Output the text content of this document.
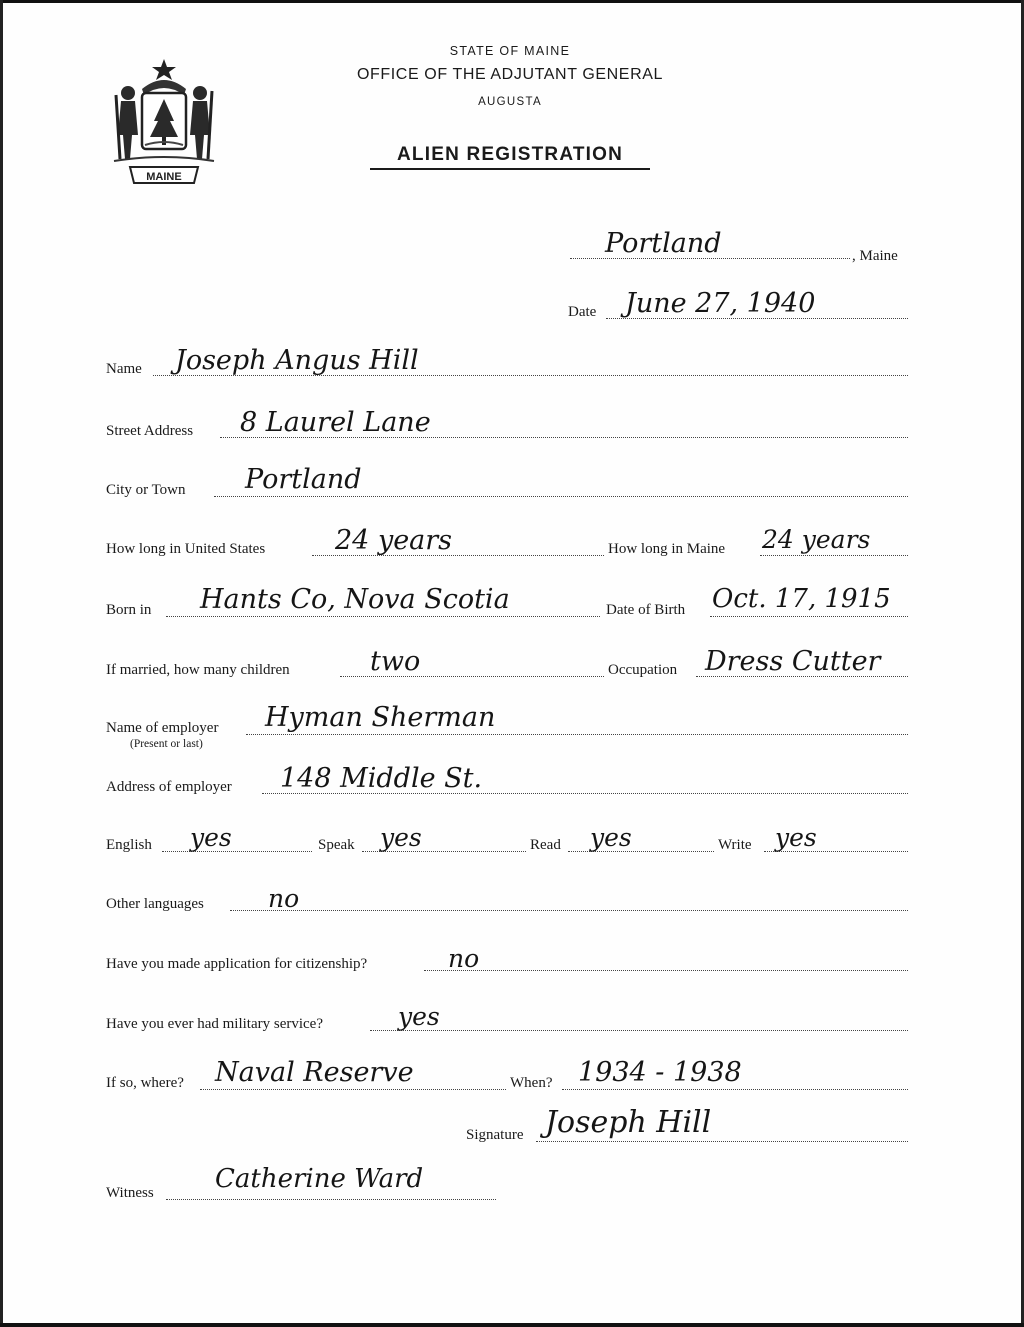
MAINE
STATE OF MAINE
OFFICE OF THE ADJUTANT GENERAL
AUGUSTA
ALIEN REGISTRATION
Portland	, Maine
Date June 27, 1940
Name Joseph Angus Hill
Street Address 8 Laurel Lane
City or Town Portland
How long in United States	24 years	How long in Maine 24 years
Born in Hants Co, Nova Scotia	Date of Birth Oct. 17, 1915
If married, how many children	two	Occupation Dress Cutter
Name of employer
(Present or last)
Hyman Sherman
Address of employer 148 Middle St.
English yes	Speak yes	Read yes	Write yes
Other languages	no
Have you made application for citizenship?	no
Have you ever had military service?	yes
If so, where? Naval Reserve	When? 1934 - 1938
Signature Joseph Hill
Witness Catherine Ward
